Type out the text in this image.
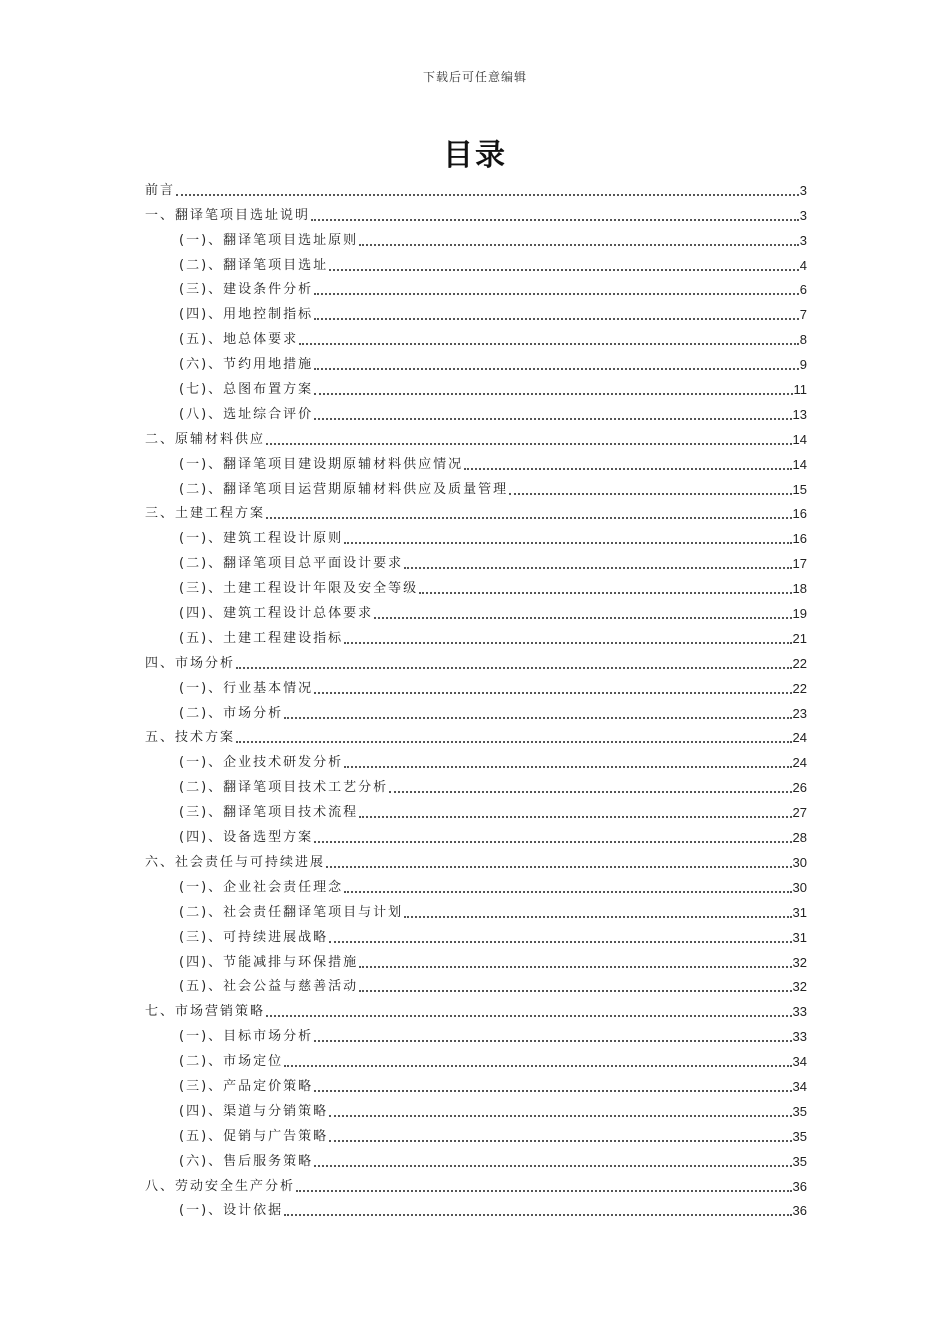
下载后可任意编辑
目录
前言	3
一、翻译笔项目选址说明	3
(一)、翻译笔项目选址原则	3
(二)、翻译笔项目选址	4
(三)、建设条件分析	6
(四)、用地控制指标	7
(五)、地总体要求	8
(六)、节约用地措施	9
(七)、总图布置方案	11
(八)、选址综合评价	13
二、原辅材料供应	14
(一)、翻译笔项目建设期原辅材料供应情况	14
(二)、翻译笔项目运营期原辅材料供应及质量管理	15
三、土建工程方案	16
(一)、建筑工程设计原则	16
(二)、翻译笔项目总平面设计要求	17
(三)、土建工程设计年限及安全等级	18
(四)、建筑工程设计总体要求	19
(五)、土建工程建设指标	21
四、市场分析	22
(一)、行业基本情况	22
(二)、市场分析	23
五、技术方案	24
(一)、企业技术研发分析	24
(二)、翻译笔项目技术工艺分析	26
(三)、翻译笔项目技术流程	27
(四)、设备选型方案	28
六、社会责任与可持续进展	30
(一)、企业社会责任理念	30
(二)、社会责任翻译笔项目与计划	31
(三)、可持续进展战略	31
(四)、节能减排与环保措施	32
(五)、社会公益与慈善活动	32
七、市场营销策略	33
(一)、目标市场分析	33
(二)、市场定位	34
(三)、产品定价策略	34
(四)、渠道与分销策略	35
(五)、促销与广告策略	35
(六)、售后服务策略	35
八、劳动安全生产分析	36
(一)、设计依据	36
